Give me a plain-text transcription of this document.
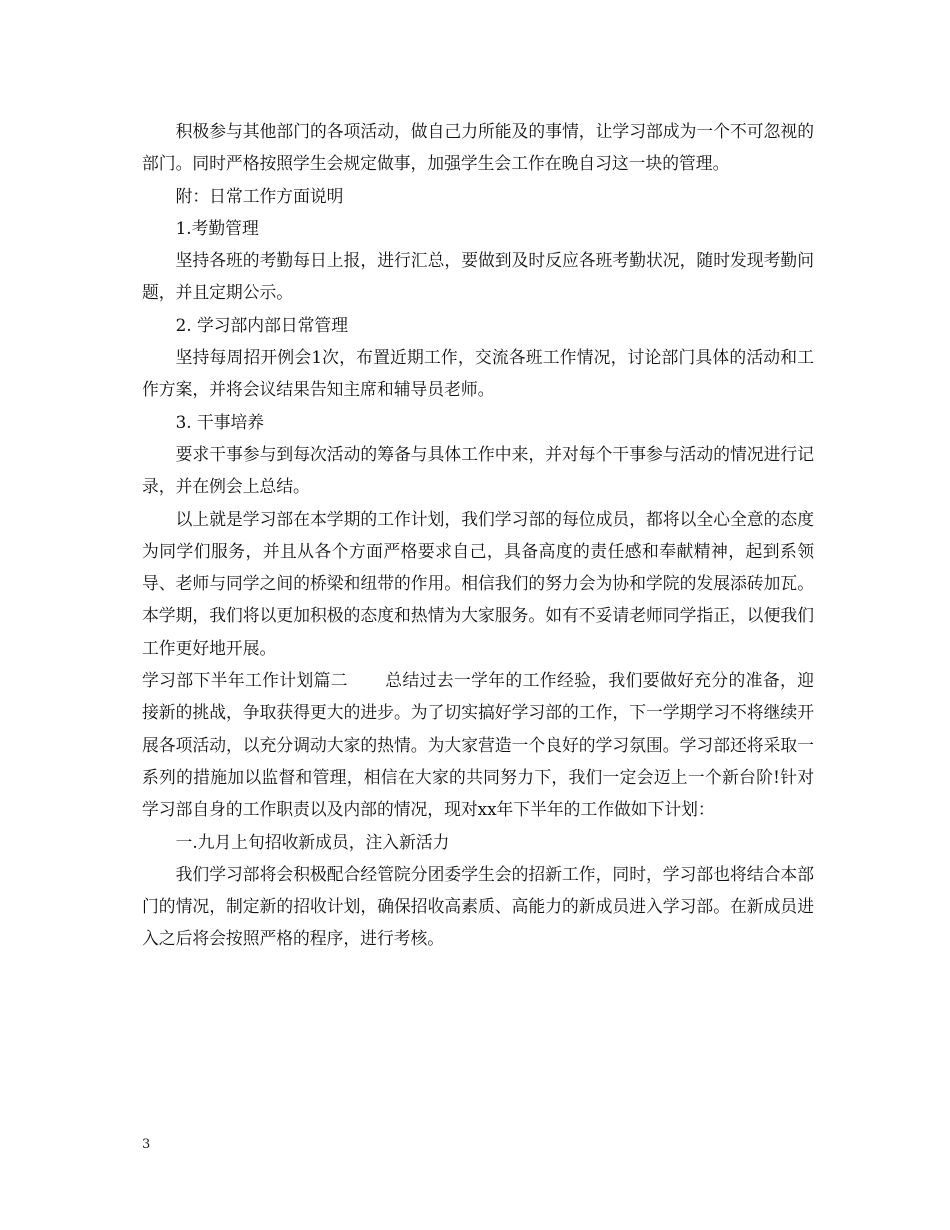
积极参与其他部门的各项活动，做自己力所能及的事情，让学习部成为一个不可忽视的部门。同时严格按照学生会规定做事，加强学生会工作在晚自习这一块的管理。

附：日常工作方面说明

1.考勤管理

坚持各班的考勤每日上报，进行汇总，要做到及时反应各班考勤状况，随时发现考勤问题，并且定期公示。

2. 学习部内部日常管理

坚持每周招开例会1次，布置近期工作，交流各班工作情况，讨论部门具体的活动和工作方案，并将会议结果告知主席和辅导员老师。

3. 干事培养

要求干事参与到每次活动的筹备与具体工作中来，并对每个干事参与活动的情况进行记录，并在例会上总结。

以上就是学习部在本学期的工作计划，我们学习部的每位成员，都将以全心全意的态度为同学们服务，并且从各个方面严格要求自己，具备高度的责任感和奉献精神，起到系领导、老师与同学之间的桥梁和纽带的作用。相信我们的努力会为协和学院的发展添砖加瓦。本学期，我们将以更加积极的态度和热情为大家服务。如有不妥请老师同学指正，以便我们工作更好地开展。

学习部下半年工作计划篇二 总结过去一学年的工作经验，我们要做好充分的准备，迎接新的挑战，争取获得更大的进步。为了切实搞好学习部的工作，下一学期学习不将继续开展各项活动，以充分调动大家的热情。为大家营造一个良好的学习氛围。学习部还将采取一系列的措施加以监督和管理，相信在大家的共同努力下，我们一定会迈上一个新台阶!针对学习部自身的工作职责以及内部的情况，现对xx年下半年的工作做如下计划：

一.九月上旬招收新成员，注入新活力

我们学习部将会积极配合经管院分团委学生会的招新工作，同时，学习部也将结合本部门的情况，制定新的招收计划，确保招收高素质、高能力的新成员进入学习部。在新成员进入之后将会按照严格的程序，进行考核。

3
